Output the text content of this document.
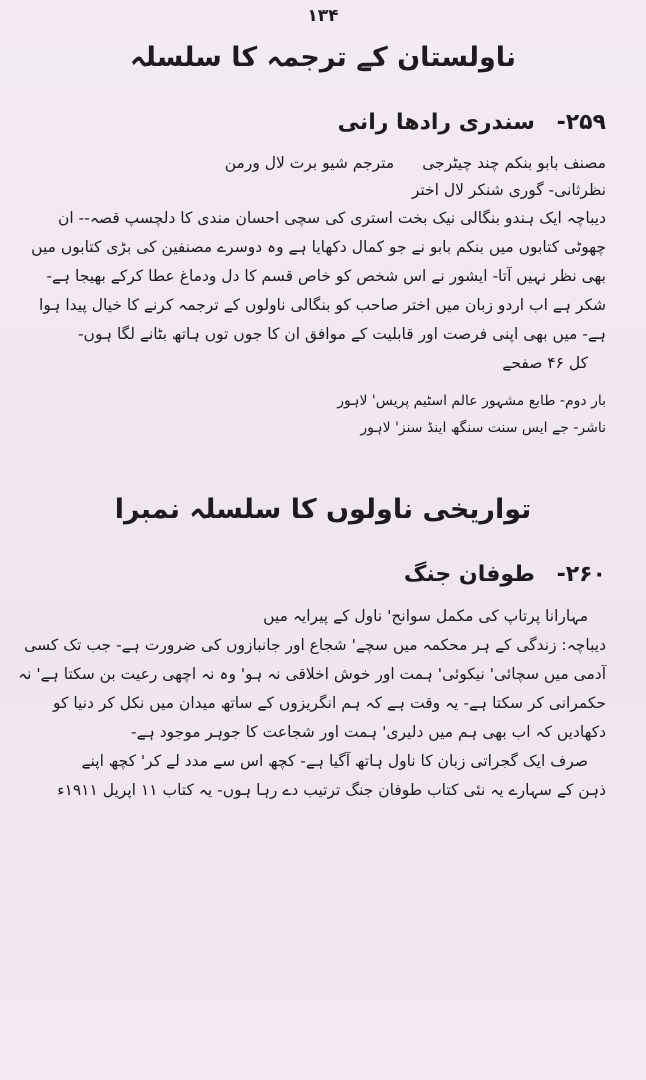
۱۳۴
ناولستان کے ترجمہ کا سلسلہ
۲۵۹- سندری رادھا رانی
مصنف بابو بنکم چند چیٹرجیمترجم شیو برت لال ورمن
نظرثانی- گوری شنکر لال اختر
دیباچہ ایک ہندو بنگالی نیک بخت استری کی سچی احسان مندی کا دلچسپ قصہ-- ان
چھوٹی کتابوں میں بنکم بابو نے جو کمال دکھایا ہے وہ دوسرے مصنفین کی بڑی کتابوں میں
بھی نظر نہیں آتا- ایشور نے اس شخص کو خاص قسم کا دل ودماغ عطا کرکے بھیجا ہے-
شکر ہے اب اردو زبان میں اختر صاحب کو بنگالی ناولوں کے ترجمہ کرنے کا خیال پیدا ہوا
ہے- میں بھی اپنی فرصت اور قابلیت کے موافق ان کا جوں توں ہاتھ بٹانے لگا ہوں-
کل ۴۶ صفحے
بار دوم- طابع مشہور عالم اسٹیم پریس' لاہور
ناشر- جے ایس سنت سنگھ اینڈ سنز' لاہور
تواریخی ناولوں کا سلسلہ نمبرا
۲۶۰- طوفان جنگ
مہارانا پرتاپ کی مکمل سوانح' ناول کے پیرایہ میں
دیباچہ: زندگی کے ہر محکمہ میں سچے' شجاع اور جانبازوں کی ضرورت ہے- جب تک کسی
آدمی میں سچائی' نیکوئی' ہمت اور خوش اخلاقی نہ ہو' وہ نہ اچھی رعیت بن سکتا ہے' نہ
حکمرانی کر سکتا ہے- یہ وقت ہے کہ ہم انگریزوں کے ساتھ میدان میں نکل کر دنیا کو
دکھادیں کہ اب بھی ہم میں دلیری' ہمت اور شجاعت کا جوہر موجود ہے-
صرف ایک گجراتی زبان کا ناول ہاتھ آگیا ہے- کچھ اس سے مدد لے کر' کچھ اپنے
ذہن کے سہارے یہ نئی کتاب طوفان جنگ ترتیب دے رہا ہوں- یہ کتاب ۱۱ اپریل ۱۹۱۱ء
